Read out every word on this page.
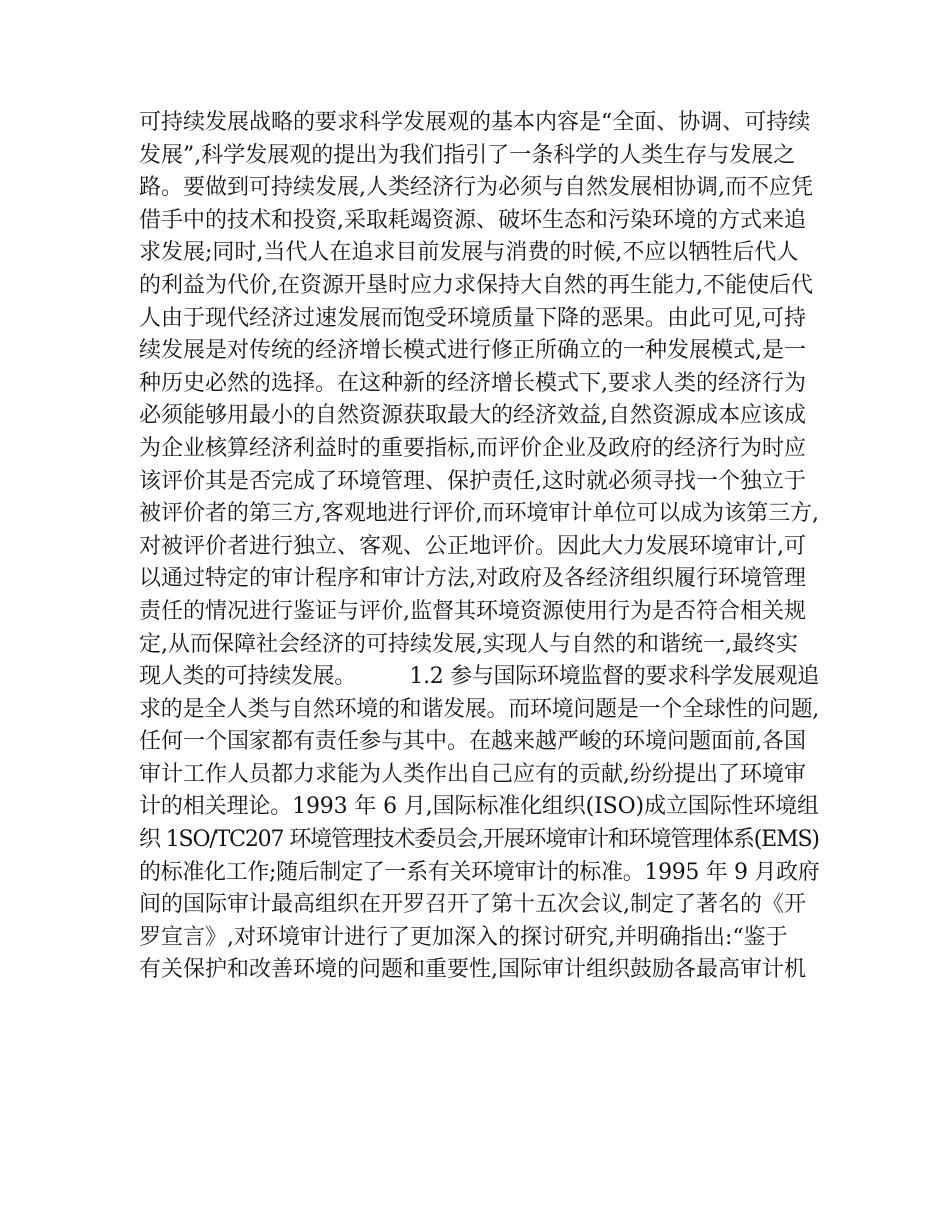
可持续发展战略的要求科学发展观的基本内容是“全面、协调、可持续
发展”,科学发展观的提出为我们指引了一条科学的人类生存与发展之
路。要做到可持续发展,人类经济行为必须与自然发展相协调,而不应凭
借手中的技术和投资,采取耗竭资源、破坏生态和污染环境的方式来追
求发展;同时,当代人在追求目前发展与消费的时候,不应以牺牲后代人
的利益为代价,在资源开垦时应力求保持大自然的再生能力,不能使后代
人由于现代经济过速发展而饱受环境质量下降的恶果。由此可见,可持
续发展是对传统的经济增长模式进行修正所确立的一种发展模式,是一
种历史必然的选择。在这种新的经济增长模式下,要求人类的经济行为
必须能够用最小的自然资源获取最大的经济效益,自然资源成本应该成
为企业核算经济利益时的重要指标,而评价企业及政府的经济行为时应
该评价其是否完成了环境管理、保护责任,这时就必须寻找一个独立于
被评价者的第三方,客观地进行评价,而环境审计单位可以成为该第三方,
对被评价者进行独立、客观、公正地评价。因此大力发展环境审计,可
以通过特定的审计程序和审计方法,对政府及各经济组织履行环境管理
责任的情况进行鉴证与评价,监督其环境资源使用行为是否符合相关规
定,从而保障社会经济的可持续发展,实现人与自然的和谐统一,最终实
现人类的可持续发展。        1.2 参与国际环境监督的要求科学发展观追
求的是全人类与自然环境的和谐发展。而环境问题是一个全球性的问题,
任何一个国家都有责任参与其中。在越来越严峻的环境问题面前,各国
审计工作人员都力求能为人类作出自己应有的贡献,纷纷提出了环境审
计的相关理论。1993 年 6 月,国际标准化组织(ISO)成立国际性环境组
织 1SO/TC207 环境管理技术委员会,开展环境审计和环境管理体系(EMS)
的标准化工作;随后制定了一系有关环境审计的标准。1995 年 9 月政府
间的国际审计最高组织在开罗召开了第十五次会议,制定了著名的《开
罗宣言》,对环境审计进行了更加深入的探讨研究,并明确指出:“鉴于
有关保护和改善环境的问题和重要性,国际审计组织鼓励各最高审计机
